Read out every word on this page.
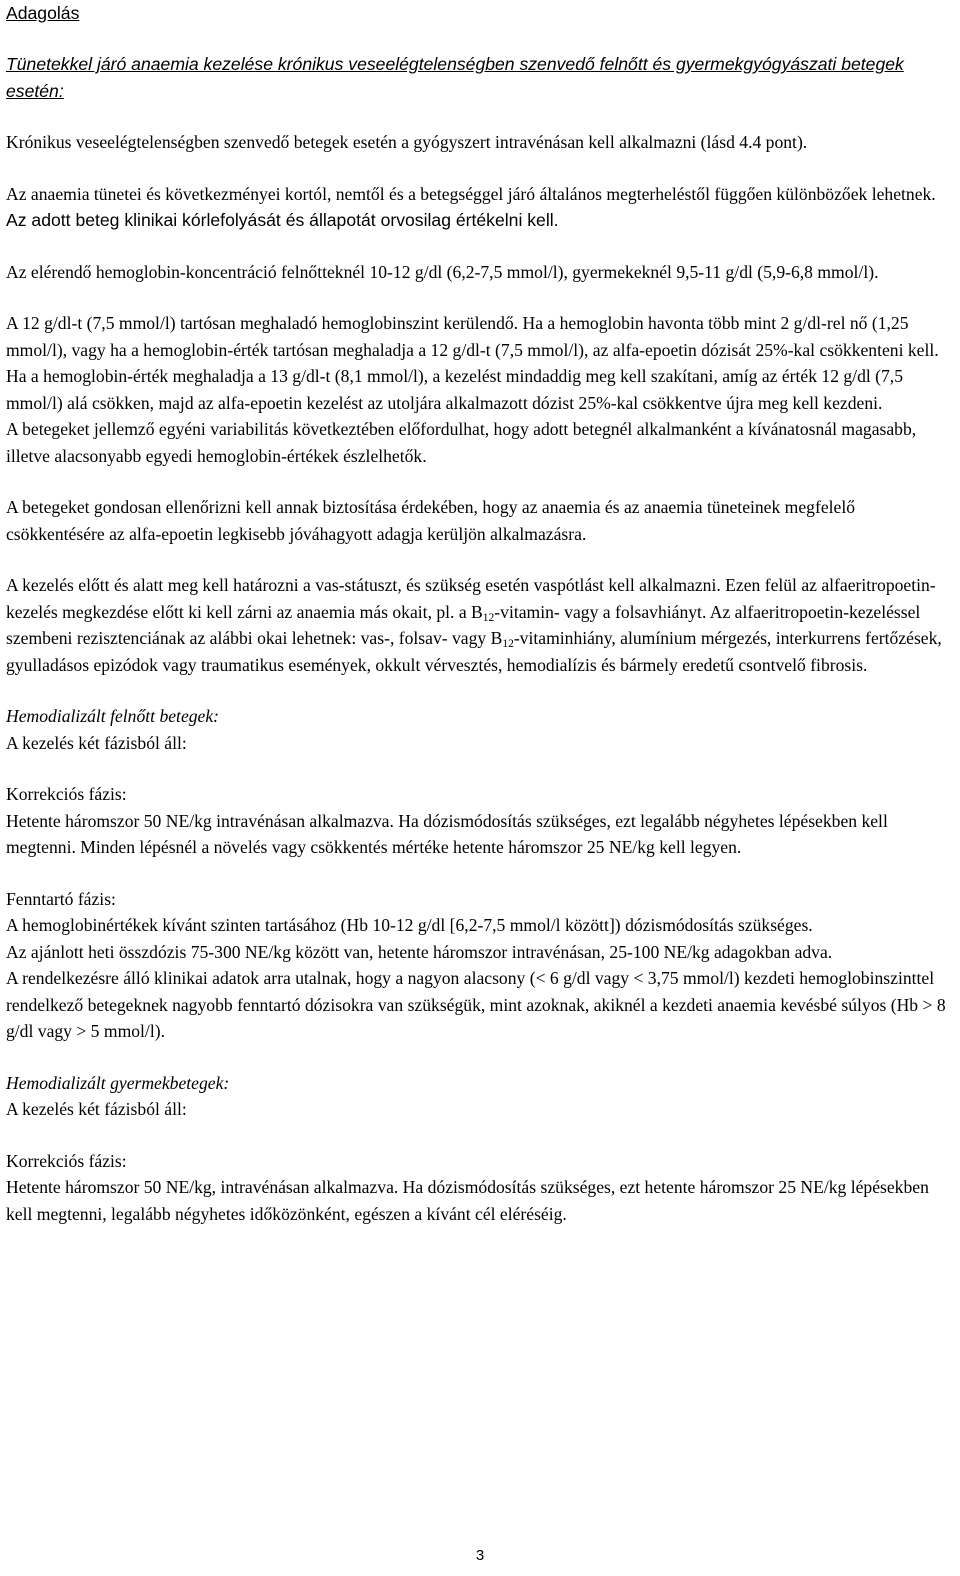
Adagolás

Tünetekkel járó anaemia kezelése krónikus veseelégtelenségben szenvedő felnőtt és gyermekgyógyászati betegek esetén:

Krónikus veseelégtelenségben szenvedő betegek esetén a gyógyszert intravénásan kell alkalmazni (lásd 4.4 pont).

Az anaemia tünetei és következményei kortól, nemtől és a betegséggel járó általános megterheléstől függően különbözőek lehetnek. Az adott beteg klinikai kórlefolyását és állapotát orvosilag értékelni kell.

Az elérendő hemoglobin-koncentráció felnőtteknél 10-12 g/dl (6,2-7,5 mmol/l), gyermekeknél 9,5-11 g/dl (5,9-6,8 mmol/l).

A 12 g/dl-t (7,5 mmol/l) tartósan meghaladó hemoglobinszint kerülendő. Ha a hemoglobin havonta több mint 2 g/dl-rel nő (1,25 mmol/l), vagy ha a hemoglobin-érték tartósan meghaladja a 12 g/dl-t (7,5 mmol/l), az alfa-epoetin dózisát 25%-kal csökkenteni kell. Ha a hemoglobin-érték meghaladja a 13 g/dl-t (8,1 mmol/l), a kezelést mindaddig meg kell szakítani, amíg az érték 12 g/dl (7,5 mmol/l) alá csökken, majd az alfa-epoetin kezelést az utoljára alkalmazott dózist 25%-kal csökkentve újra meg kell kezdeni.

A betegeket jellemző egyéni variabilitás következtében előfordulhat, hogy adott betegnél alkalmanként a kívánatosnál magasabb, illetve alacsonyabb egyedi hemoglobin-értékek észlelhetők.

A betegeket gondosan ellenőrizni kell annak biztosítása érdekében, hogy az anaemia és az anaemia tüneteinek megfelelő csökkentésére az alfa-epoetin legkisebb jóváhagyott adagja kerüljön alkalmazásra.

A kezelés előtt és alatt meg kell határozni a vas-státuszt, és szükség esetén vaspótlást kell alkalmazni. Ezen felül az alfaeritropoetin-kezelés megkezdése előtt ki kell zárni az anaemia más okait, pl. a $B_{12}-vitamin-$ vagy a folsavhiányt. Az alfaeritropoetin-kezeléssel szembeni rezisztenciának az alábbi okai lehetnek: vas-, folsav- vagy $B_{12}$-vitaminhiány, alumínium mérgezés, interkurrens fertőzések, gyulladásos epizódok vagy traumatikus események, okkult vérvesztés, hemodialízis és bármely eredetű csontvelő fibrosis.

Hemodializált felnőtt betegek:

A kezelés két fázisból áll:

Korrekciós fázis:

Hetente háromszor 50 NE/kg intravénásan alkalmazva. Ha dózismódosítás szükséges, ezt legalább négyhetes lépésekben kell megtenni. Minden lépésnél a növelés vagy csökkentés mértéke hetente háromszor 25 NE/kg kell legyen.

Fenntartó fázis:

A hemoglobinértékek kívánt szinten tartásához (Hb 10-12 g/dl [6,2-7,5 mmol/l között]) dózismódosítás szükséges.

Az ajánlott heti összdózis 75-300 NE/kg között van, hetente háromszor intravénásan, 25-100 NE/kg adagokban adva.

A rendelkezésre álló klinikai adatok arra utalnak, hogy a nagyon alacsony (< 6 g/dl vagy < 3,75 mmol/l) kezdeti hemoglobinszinttel rendelkező betegeknek nagyobb fenntartó dózisokra van szükségük, mint azoknak, akiknél a kezdeti anaemia kevésbé súlyos (Hb > 8 g/dl vagy > 5 mmol/l).

Hemodializált gyermekbetegek:

A kezelés két fázisból áll:

Korrekciós fázis:

Hetente háromszor 50 NE/kg, intravénásan alkalmazva. Ha dózismódosítás szükséges, ezt hetente háromszor 25 NE/kg lépésekben kell megtenni, legalább négyhetes időközönként, egészen a kívánt cél eléréséig.

3
